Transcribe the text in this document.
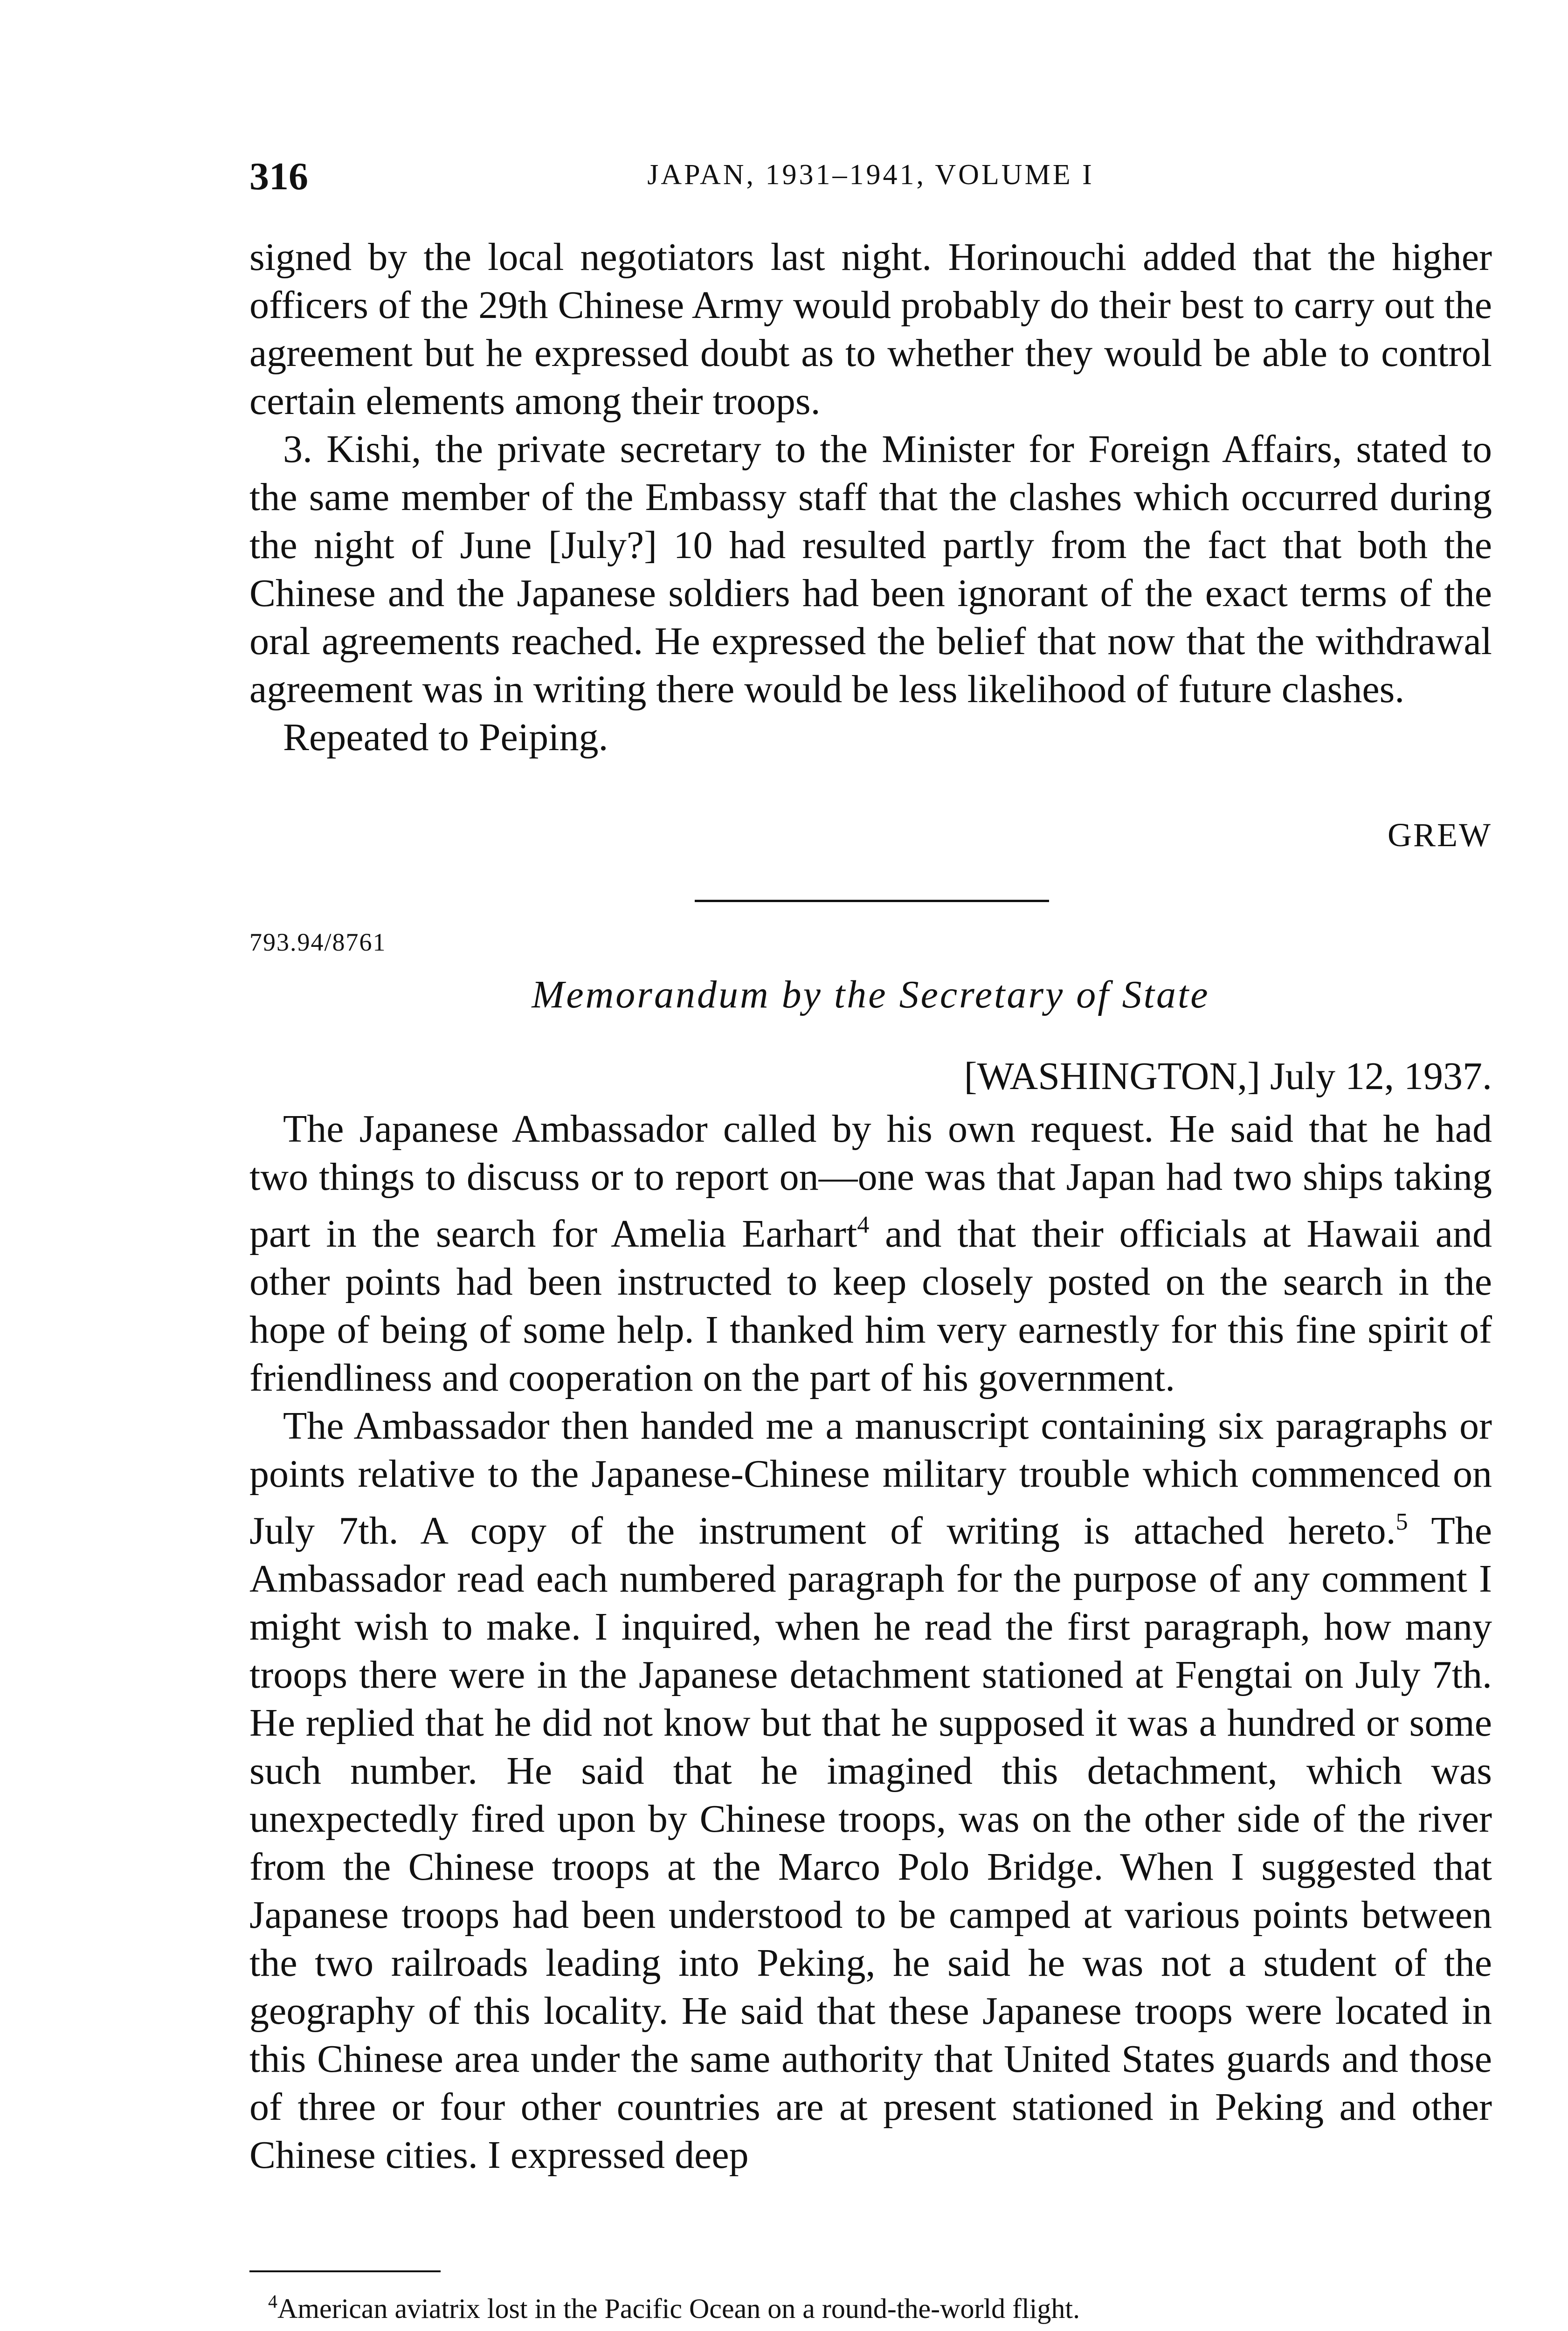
316	JAPAN, 1931–1941, VOLUME I

signed by the local negotiators last night. Horinouchi added that the higher officers of the 29th Chinese Army would probably do their best to carry out the agreement but he expressed doubt as to whether they would be able to control certain elements among their troops.

3. Kishi, the private secretary to the Minister for Foreign Affairs, stated to the same member of the Embassy staff that the clashes which occurred during the night of June [July?] 10 had resulted partly from the fact that both the Chinese and the Japanese soldiers had been ignorant of the exact terms of the oral agreements reached. He expressed the belief that now that the withdrawal agreement was in writing there would be less likelihood of future clashes.

Repeated to Peiping.

GREW
793.94/8761
Memorandum by the Secretary of State
[WASHINGTON,] July 12, 1937.

The Japanese Ambassador called by his own request. He said that he had two things to discuss or to report on—one was that Japan had two ships taking part in the search for Amelia Earhart$^4$ and that their officials at Hawaii and other points had been instructed to keep closely posted on the search in the hope of being of some help. I thanked him very earnestly for this fine spirit of friendliness and cooperation on the part of his government.

The Ambassador then handed me a manuscript containing six paragraphs or points relative to the Japanese-Chinese military trouble which commenced on July 7th. A copy of the instrument of writing is attached hereto.$^5$ The Ambassador read each numbered paragraph for the purpose of any comment I might wish to make. I inquired, when he read the first paragraph, how many troops there were in the Japanese detachment stationed at Fengtai on July 7th. He replied that he did not know but that he supposed it was a hundred or some such number. He said that he imagined this detachment, which was unexpectedly fired upon by Chinese troops, was on the other side of the river from the Chinese troops at the Marco Polo Bridge. When I suggested that Japanese troops had been understood to be camped at various points between the two railroads leading into Peking, he said he was not a student of the geography of this locality. He said that these Japanese troops were located in this Chinese area under the same authority that United States guards and those of three or four other countries are at present stationed in Peking and other Chinese cities. I expressed deep

$^4$American aviatrix lost in the Pacific Ocean on a round-the-world flight.
